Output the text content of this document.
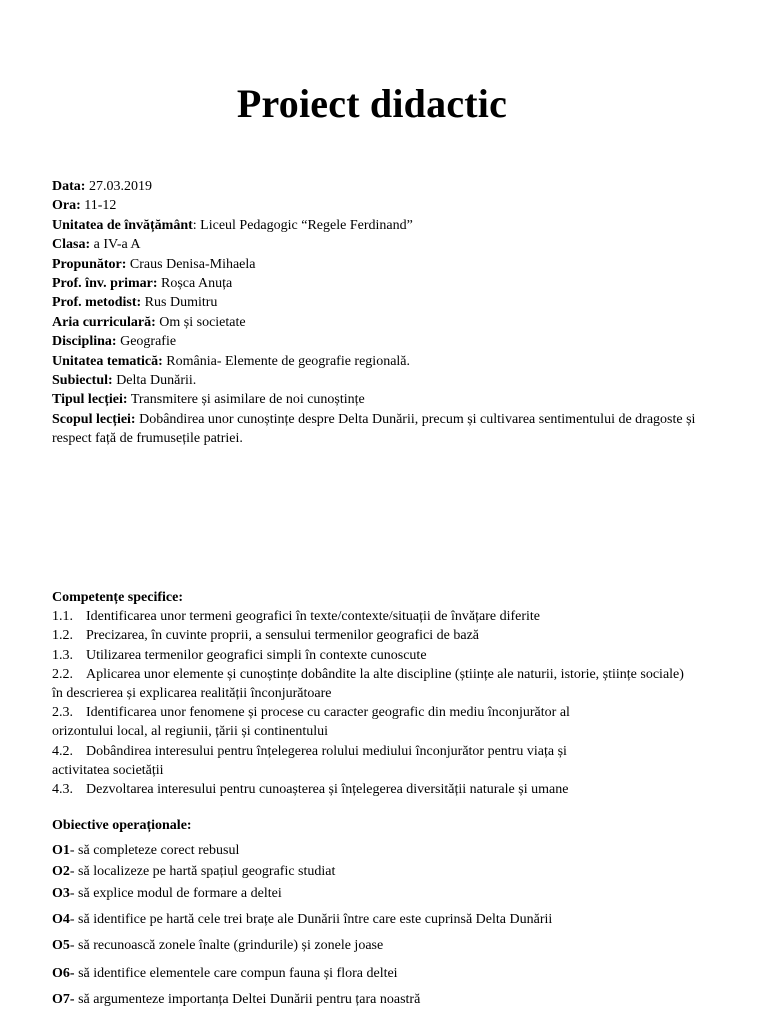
Proiect didactic

Data: 27.03.2019

Ora: 11-12

Unitatea de învățământ: Liceul Pedagogic “Regele Ferdinand”

Clasa: a IV-a A

Propunător: Craus Denisa-Mihaela

Prof. înv. primar: Roșca Anuța

Prof. metodist: Rus Dumitru

Aria curriculară: Om și societate

Disciplina: Geografie

Unitatea tematică: România- Elemente de geografie regională.

Subiectul: Delta Dunării.

Tipul lecției: Transmitere și asimilare de noi cunoștințe

Scopul lecției: Dobândirea unor cunoștințe despre Delta Dunării, precum și cultivarea sentimentului de dragoste și respect față de frumusețile patriei.

Competențe specifice:

1.1. Identificarea unor termeni geografici în texte/contexte/situații de învățare diferite

1.2. Precizarea, în cuvinte proprii, a sensului termenilor geografici de bază

1.3. Utilizarea termenilor geografici simpli în contexte cunoscute

2.2. Aplicarea unor elemente și cunoștințe dobândite la alte discipline (științe ale naturii, istorie, științe sociale)
în descrierea și explicarea realității înconjurătoare

2.3. Identificarea unor fenomene și procese cu caracter geografic din mediu înconjurător al
orizontului local, al regiunii, țării și continentului

4.2. Dobândirea interesului pentru înțelegerea rolului mediului înconjurător pentru viața și
activitatea societății

4.3. Dezvoltarea interesului pentru cunoașterea și înțelegerea diversității naturale și umane

Obiective operaționale:

O1- să completeze corect rebusul

O2- să localizeze pe hartă spațiul geografic studiat

O3- să explice modul de formare a deltei

O4- să identifice pe hartă cele trei brațe ale Dunării între care este cuprinsă Delta Dunării

O5- să recunoască zonele înalte (grindurile) și zonele joase

O6- să identifice elementele care compun fauna și flora deltei

O7- să argumenteze importanța Deltei Dunării pentru țara noastră
